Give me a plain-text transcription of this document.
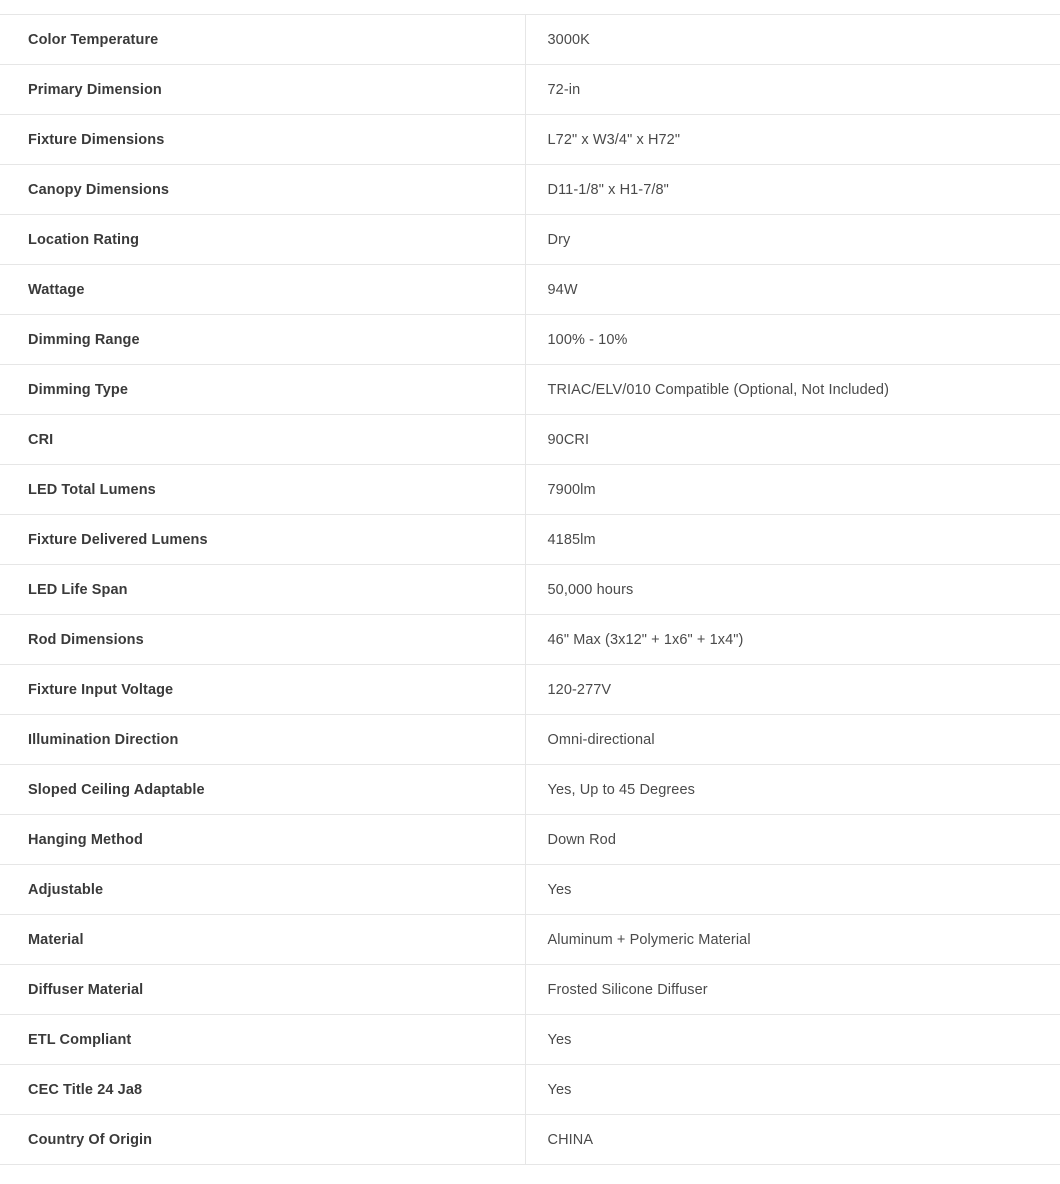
Color Temperature	3000K
Primary Dimension	72-in
Fixture Dimensions	L72" x W3/4" x H72"
Canopy Dimensions	D11-1/8" x H1-7/8"
Location Rating	Dry
Wattage	94W
Dimming Range	100% - 10%
Dimming Type	TRIAC/ELV/010 Compatible (Optional, Not Included)
CRI	90CRI
LED Total Lumens	7900lm
Fixture Delivered Lumens	4185lm
LED Life Span	50,000 hours
Rod Dimensions	46" Max (3x12" + 1x6" + 1x4")
Fixture Input Voltage	120-277V
Illumination Direction	Omni-directional
Sloped Ceiling Adaptable	Yes, Up to 45 Degrees
Hanging Method	Down Rod
Adjustable	Yes
Material	Aluminum + Polymeric Material
Diffuser Material	Frosted Silicone Diffuser
ETL Compliant	Yes
CEC Title 24 Ja8	Yes
Country Of Origin	CHINA
